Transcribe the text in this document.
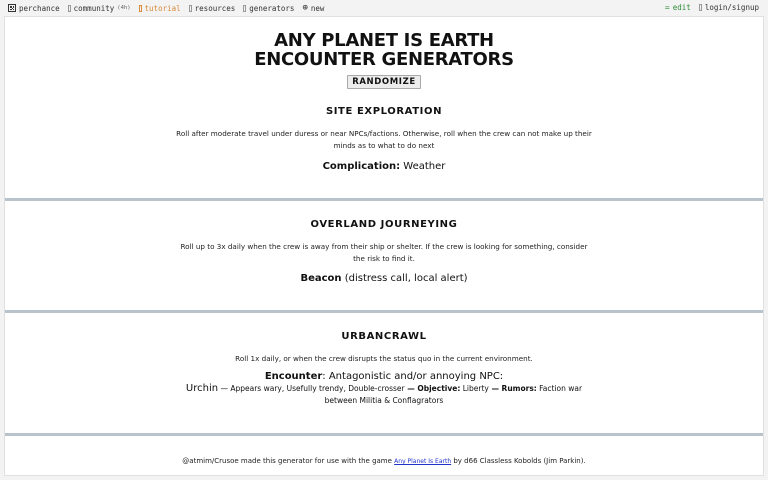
perchance community (4h) tutorial resources generators ⊕ new	= edit login/signup
ANY PLANET IS EARTH
ENCOUNTER GENERATORS
RANDOMIZE
SITE EXPLORATION
Roll after moderate travel under duress or near NPCs/factions. Otherwise, roll when the crew can not make up their minds as to what to do next
Complication: Weather
OVERLAND JOURNEYING
Roll up to 3x daily when the crew is away from their ship or shelter. If the crew is looking for something, consider the risk to find it.
Beacon (distress call, local alert)
URBANCRAWL
Roll 1x daily, or when the crew disrupts the status quo in the current environment.
Encounter: Antagonistic and/or annoying NPC:
Urchin — Appears wary, Usefully trendy, Double-crosser — Objective: Liberty — Rumors: Faction war between Militia & Conflagrators
@atmim/Crusoe made this generator for use with the game Any Planet Is Earth by d66 Classless Kobolds (Jim Parkin).
